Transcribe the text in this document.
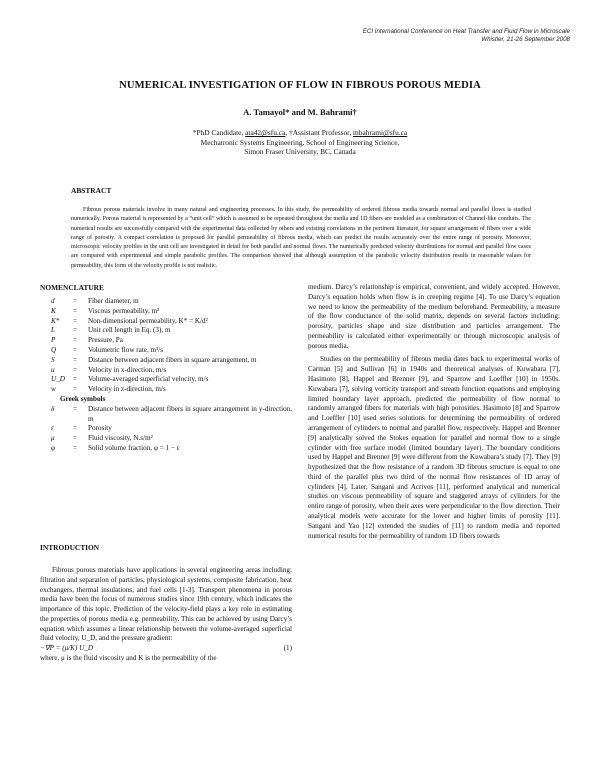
ECI International Conference on Heat Transfer and Fluid Flow in Microscale
Whistler, 21-26 September 2008
NUMERICAL INVESTIGATION OF FLOW IN FIBROUS POROUS MEDIA
A. Tamayol* and M. Bahrami†
*PhD Candidate, ata42@sfu.ca, †Assistant Professor, mbahrami@sfu.ca
Mechatronic Systems Engineering, School of Engineering Science,
Simon Fraser University, BC, Canada
ABSTRACT
Fibrous porous materials involve in many natural and engineering processes. In this study, the permeability of ordered fibrous media towards normal and parallel flows is studied numerically. Porous material is represented by a “unit cell” which is assumed to be repeated throughout the media and 1D fibers are modeled as a combination of Channel-like conduits. The numerical results are successfully compared with the experimental data collected by others and existing correlations in the pertinent literature, for square arrangement of fibers over a wide range of porosity. A compact correlation is proposed for parallel permeability of fibrous media, which can predict the results accurately over the entire range of porosity. Moreover, microscopic velocity profiles in the unit cell are investigated in detail for both parallel and normal flows. The numerically predicted velocity distributions for normal and parallel flow cases are compared with experimental and simple parabolic profiles. The comparison showed that although assumption of the parabolic velocity distribution results in reasonable values for permeability, this form of the velocity profile is not realistic.
NOMENCLATURE
d	=	Fiber diameter, m
K	=	Viscous permeability, m²
K*	=	Non-dimensional permeability, K* = K/d²
L	=	Unit cell length in Eq. (3), m
P	=	Pressure, Pa
Q	=	Volumetric flow rate, m³/s
S	=	Distance between adjacent fibers in square arrangement, m
u	=	Velocity in x-direction, m/s
U_D	=	Volume-averaged superficial velocity, m/s
w	=	Velocity in z-direction, m/s
Greek symbols
δ	=	Distance between adjacent fibers in square arrangement in y-direction, m
ε	=	Porosity
μ	=	Fluid viscosity, N.s/m²
φ	=	Solid volume fraction, φ = 1 − ε
INTRODUCTION

Fibrous porous materials have applications in several engineering areas including: filtration and separation of particles, physiological systems, composite fabrication, heat exchangers, thermal insulations, and fuel cells [1-3]. Transport phenomena in porous media have been the focus of numerous studies since 19th century, which indicates the importance of this topic. Prediction of the velocity-field plays a key role in estimating the properties of porous media e.g. permeability. This can be achieved by using Darcy’s equation which assumes a linear relationship between the volume-averaged superficial fluid velocity, U_D, and the pressure gradient:

−∇P = (μ/K) U_D	(1)
where, μ is the fluid viscosity and K is the permeability of the

medium. Darcy’s relationship is empirical, convenient, and widely accepted. However, Darcy’s equation holds when flow is in creeping regime [4]. To use Darcy’s equation we need to know the permeability of the medium beforehand. Permeability, a measure of the flow conductance of the solid matrix, depends on several factors including: porosity, particles shape and size distribution and particles arrangement. The permeability is calculated either experimentally or through microscopic analysis of porous media.

Studies on the permeability of fibrous media dates back to experimental works of Carman [5] and Sullivan [6] in 1940s and theoretical analyses of Kuwabara [7], Hasimoto [8], Happel and Brenner [9], and Sparrow and Loeffler [10] in 1950s. Kuwabara [7], solving vorticity transport and stream function equations and employing limited boundary layer approach, predicted the permeability of flow normal to randomly arranged fibers for materials with high porosities. Hasimoto [8] and Sparrow and Loeffler [10] used series solutions for determining the permeability of ordered arrangement of cylinders to normal and parallel flow, respectively. Happel and Brenner [9] analytically solved the Stokes equation for parallel and normal flow to a single cylinder with free surface model (limited boundary layer). The boundary conditions used by Happel and Brenner [9] were different from the Kuwabara’s study [7]. They [9] hypothesized that the flow resistance of a random 3D fibrous structure is equal to one third of the parallel plus two third of the normal flow resistances of 1D array of cylinders [4]. Later, Sangani and Acrivos [11], performed analytical and numerical studies on viscous permeability of square and staggered arrays of cylinders for the entire range of porosity, when their axes were perpendicular to the flow direction. Their analytical models were accurate for the lower and higher limits of porosity [11]. Sangani and Yao [12] extended the studies of [11] to random media and reported numerical results for the permeability of random 1D fibers towards
